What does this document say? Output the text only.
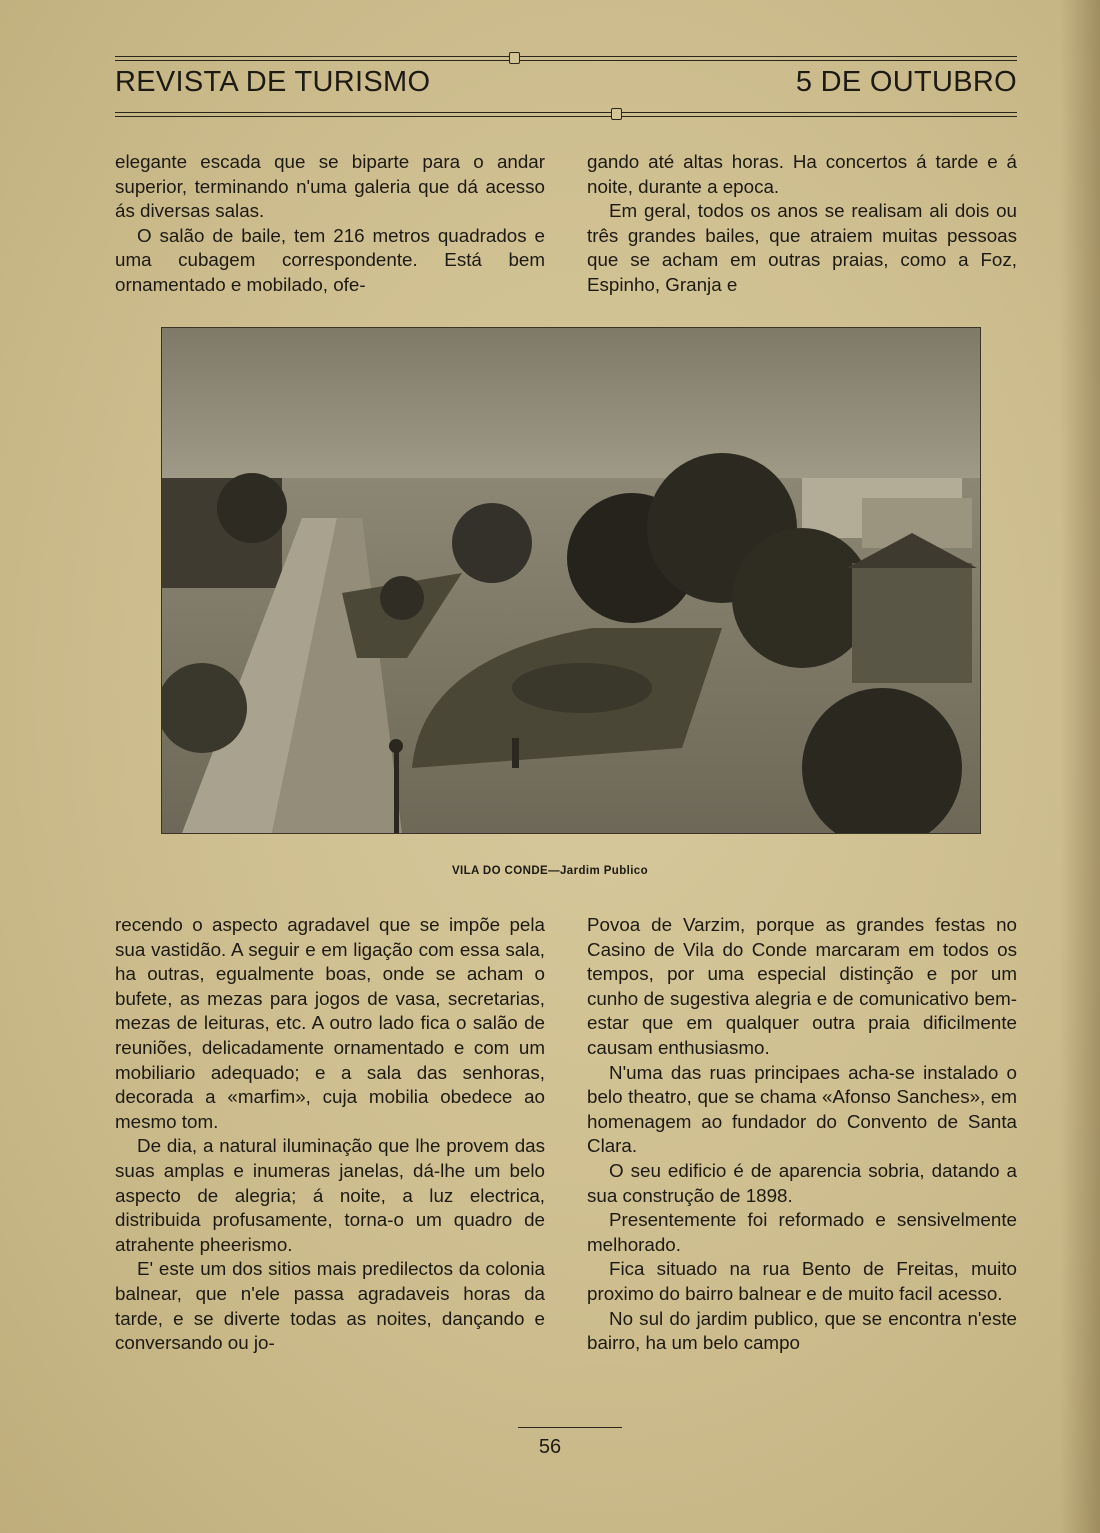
REVISTA DE TURISMO	5 DE OUTUBRO

elegante escada que se biparte para o andar superior, terminando n'uma galeria que dá acesso ás diversas salas.

O salão de baile, tem 216 metros quadrados e uma cubagem correspondente. Está bem ornamentado e mobilado, ofe-

gando até altas horas. Ha concertos á tarde e á noite, durante a epoca.

Em geral, todos os anos se realisam ali dois ou três grandes bailes, que atraiem muitas pessoas que se acham em outras praias, como a Foz, Espinho, Granja e

VILA DO CONDE—Jardim Publico

recendo o aspecto agradavel que se impõe pela sua vastidão. A seguir e em ligação com essa sala, ha outras, egualmente boas, onde se acham o bufete, as mezas para jogos de vasa, secretarias, mezas de leituras, etc. A outro lado fica o salão de reuniões, delicadamente ornamentado e com um mobiliario adequado; e a sala das senhoras, decorada a «marfim», cuja mobilia obedece ao mesmo tom.

De dia, a natural iluminação que lhe provem das suas amplas e inumeras janelas, dá-lhe um belo aspecto de alegria; á noite, a luz electrica, distribuida profusamente, torna-o um quadro de atrahente pheerismo.

E' este um dos sitios mais predilectos da colonia balnear, que n'ele passa agradaveis horas da tarde, e se diverte todas as noites, dançando e conversando ou jo-

Povoa de Varzim, porque as grandes festas no Casino de Vila do Conde marcaram em todos os tempos, por uma especial distinção e por um cunho de sugestiva alegria e de comunicativo bem-estar que em qualquer outra praia dificilmente causam enthusiasmo.

N'uma das ruas principaes acha-se instalado o belo theatro, que se chama «Afonso Sanches», em homenagem ao fundador do Convento de Santa Clara.

O seu edificio é de aparencia sobria, datando a sua construção de 1898.

Presentemente foi reformado e sensivelmente melhorado.

Fica situado na rua Bento de Freitas, muito proximo do bairro balnear e de muito facil acesso.

No sul do jardim publico, que se encontra n'este bairro, ha um belo campo

56
